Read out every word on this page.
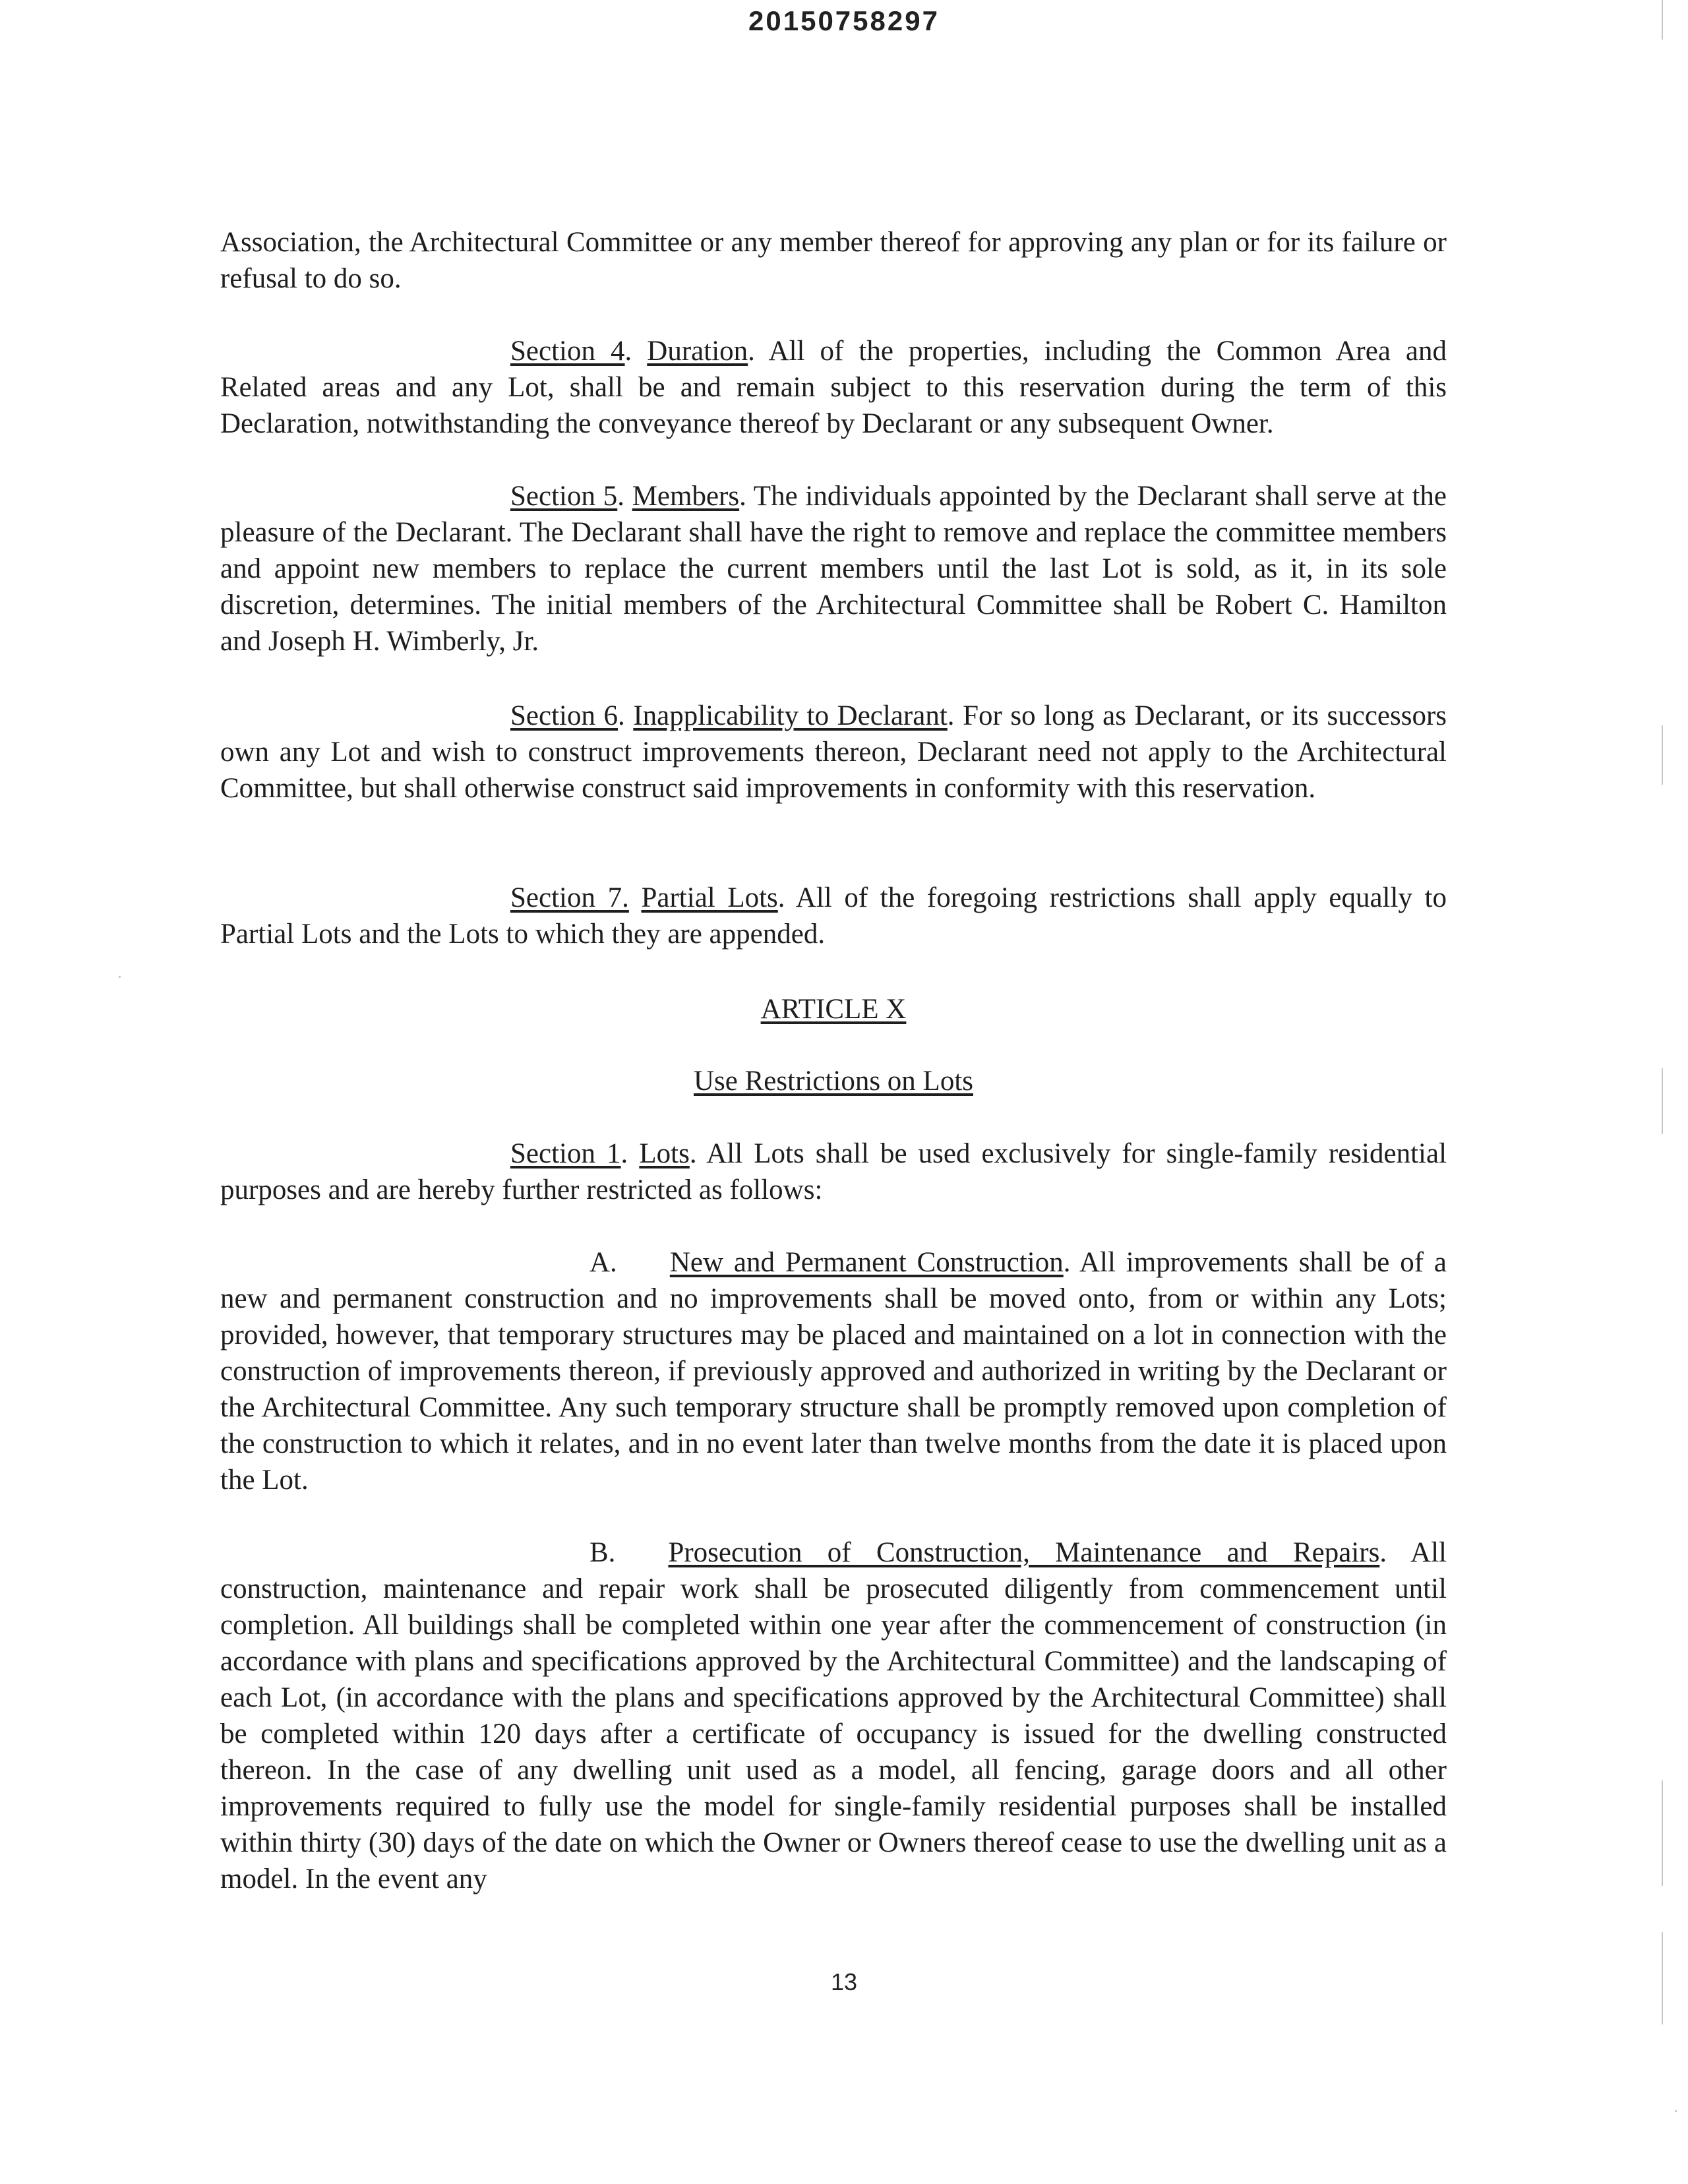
20150758297

Association, the Architectural Committee or any member thereof for approving any plan or for its failure or refusal to do so.

Section 4. Duration. All of the properties, including the Common Area and Related areas and any Lot, shall be and remain subject to this reservation during the term of this Declaration, notwithstanding the conveyance thereof by Declarant or any subsequent Owner.

Section 5. Members. The individuals appointed by the Declarant shall serve at the pleasure of the Declarant. The Declarant shall have the right to remove and replace the committee members and appoint new members to replace the current members until the last Lot is sold, as it, in its sole discretion, determines. The initial members of the Architectural Committee shall be Robert C. Hamilton and Joseph H. Wimberly, Jr.

Section 6. Inapplicability to Declarant. For so long as Declarant, or its successors own any Lot and wish to construct improvements thereon, Declarant need not apply to the Architectural Committee, but shall otherwise construct said improvements in conformity with this reservation.

Section 7. Partial Lots. All of the foregoing restrictions shall apply equally to Partial Lots and the Lots to which they are appended.

ARTICLE X

Use Restrictions on Lots

Section 1. Lots. All Lots shall be used exclusively for single-family residential purposes and are hereby further restricted as follows:

A. New and Permanent Construction. All improvements shall be of a new and permanent construction and no improvements shall be moved onto, from or within any Lots; provided, however, that temporary structures may be placed and maintained on a lot in connection with the construction of improvements thereon, if previously approved and authorized in writing by the Declarant or the Architectural Committee. Any such temporary structure shall be promptly removed upon completion of the construction to which it relates, and in no event later than twelve months from the date it is placed upon the Lot.

B. Prosecution of Construction, Maintenance and Repairs. All construction, maintenance and repair work shall be prosecuted diligently from commencement until completion. All buildings shall be completed within one year after the commencement of construction (in accordance with plans and specifications approved by the Architectural Committee) and the landscaping of each Lot, (in accordance with the plans and specifications approved by the Architectural Committee) shall be completed within 120 days after a certificate of occupancy is issued for the dwelling constructed thereon. In the case of any dwelling unit used as a model, all fencing, garage doors and all other improvements required to fully use the model for single-family residential purposes shall be installed within thirty (30) days of the date on which the Owner or Owners thereof cease to use the dwelling unit as a model. In the event any

13
